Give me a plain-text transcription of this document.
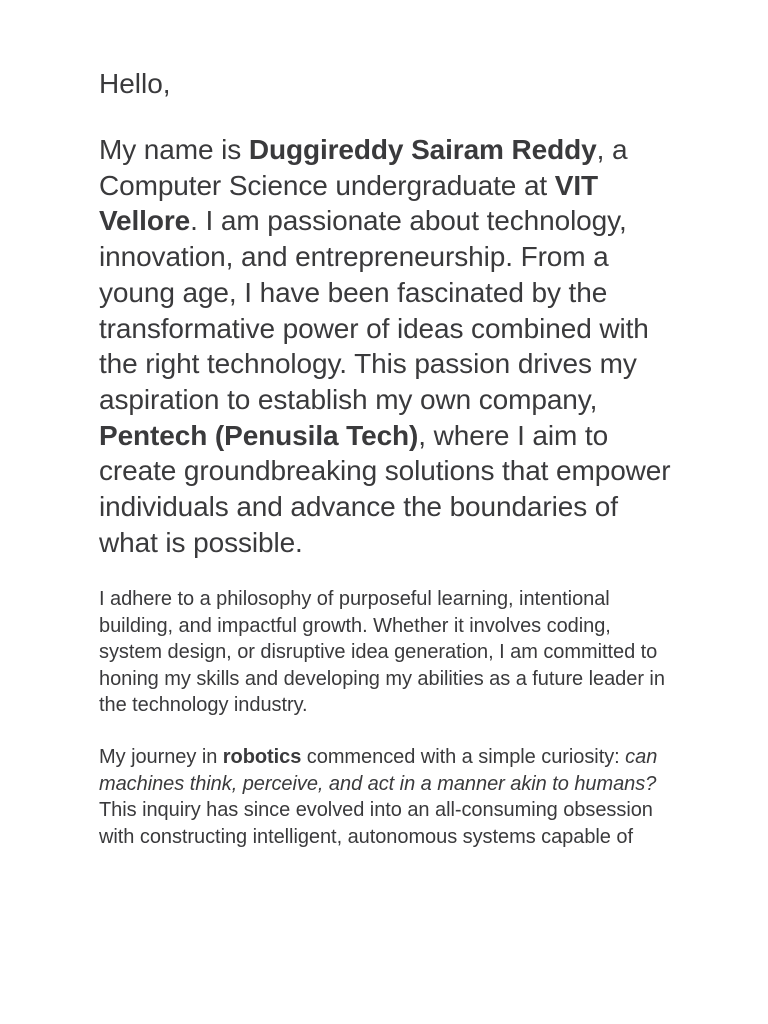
Hello,

My name is Duggireddy Sairam Reddy, a Computer Science undergraduate at VIT Vellore. I am passionate about technology, innovation, and entrepreneurship. From a young age, I have been fascinated by the transformative power of ideas combined with the right technology. This passion drives my aspiration to establish my own company, Pentech (Penusila Tech), where I aim to create groundbreaking solutions that empower individuals and advance the boundaries of what is possible.

I adhere to a philosophy of purposeful learning, intentional building, and impactful growth. Whether it involves coding, system design, or disruptive idea generation, I am committed to honing my skills and developing my abilities as a future leader in the technology industry.

My journey in robotics commenced with a simple curiosity: can machines think, perceive, and act in a manner akin to humans? This inquiry has since evolved into an all-consuming obsession with constructing intelligent, autonomous systems capable of
